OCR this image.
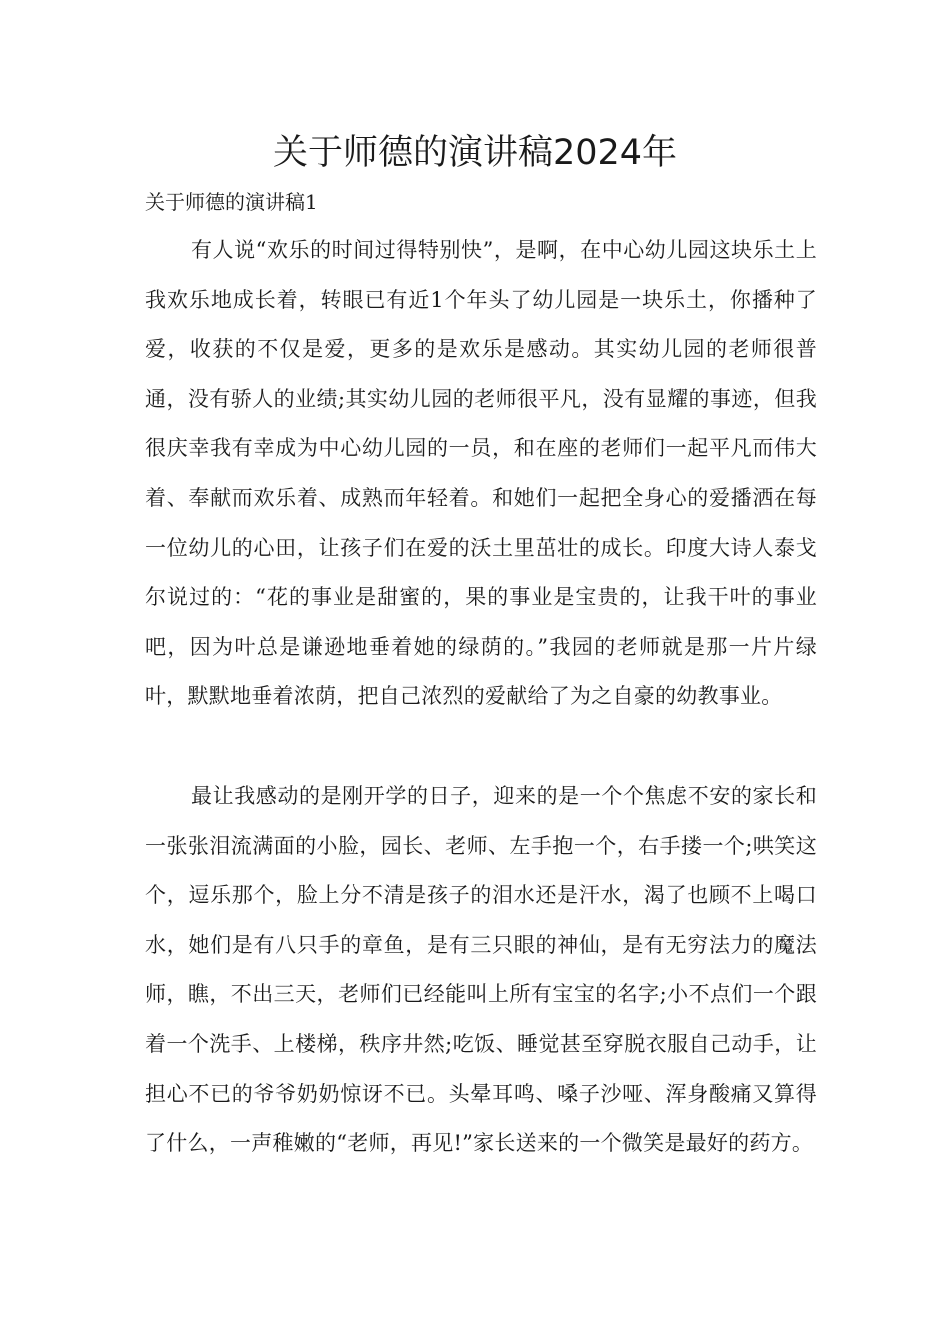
关于师德的演讲稿2024年
关于师德的演讲稿1

有人说“欢乐的时间过得特别快”，是啊，在中心幼儿园这块乐土上我欢乐地成长着，转眼已有近1个年头了幼儿园是一块乐土，你播种了爱，收获的不仅是爱，更多的是欢乐是感动。其实幼儿园的老师很普通，没有骄人的业绩;其实幼儿园的老师很平凡，没有显耀的事迹，但我很庆幸我有幸成为中心幼儿园的一员，和在座的老师们一起平凡而伟大着、奉献而欢乐着、成熟而年轻着。和她们一起把全身心的爱播洒在每一位幼儿的心田，让孩子们在爱的沃土里茁壮的成长。印度大诗人泰戈尔说过的：“花的事业是甜蜜的，果的事业是宝贵的，让我干叶的事业吧，因为叶总是谦逊地垂着她的绿荫的。”我园的老师就是那一片片绿叶，默默地垂着浓荫，把自己浓烈的爱献给了为之自豪的幼教事业。

最让我感动的是刚开学的日子，迎来的是一个个焦虑不安的家长和一张张泪流满面的小脸，园长、老师、左手抱一个，右手搂一个;哄笑这个，逗乐那个，脸上分不清是孩子的泪水还是汗水，渴了也顾不上喝口水，她们是有八只手的章鱼，是有三只眼的神仙，是有无穷法力的魔法师，瞧，不出三天，老师们已经能叫上所有宝宝的名字;小不点们一个跟着一个洗手、上楼梯，秩序井然;吃饭、睡觉甚至穿脱衣服自己动手，让担心不已的爷爷奶奶惊讶不已。头晕耳鸣、嗓子沙哑、浑身酸痛又算得了什么，一声稚嫩的“老师，再见!”家长送来的一个微笑是最好的药方。
